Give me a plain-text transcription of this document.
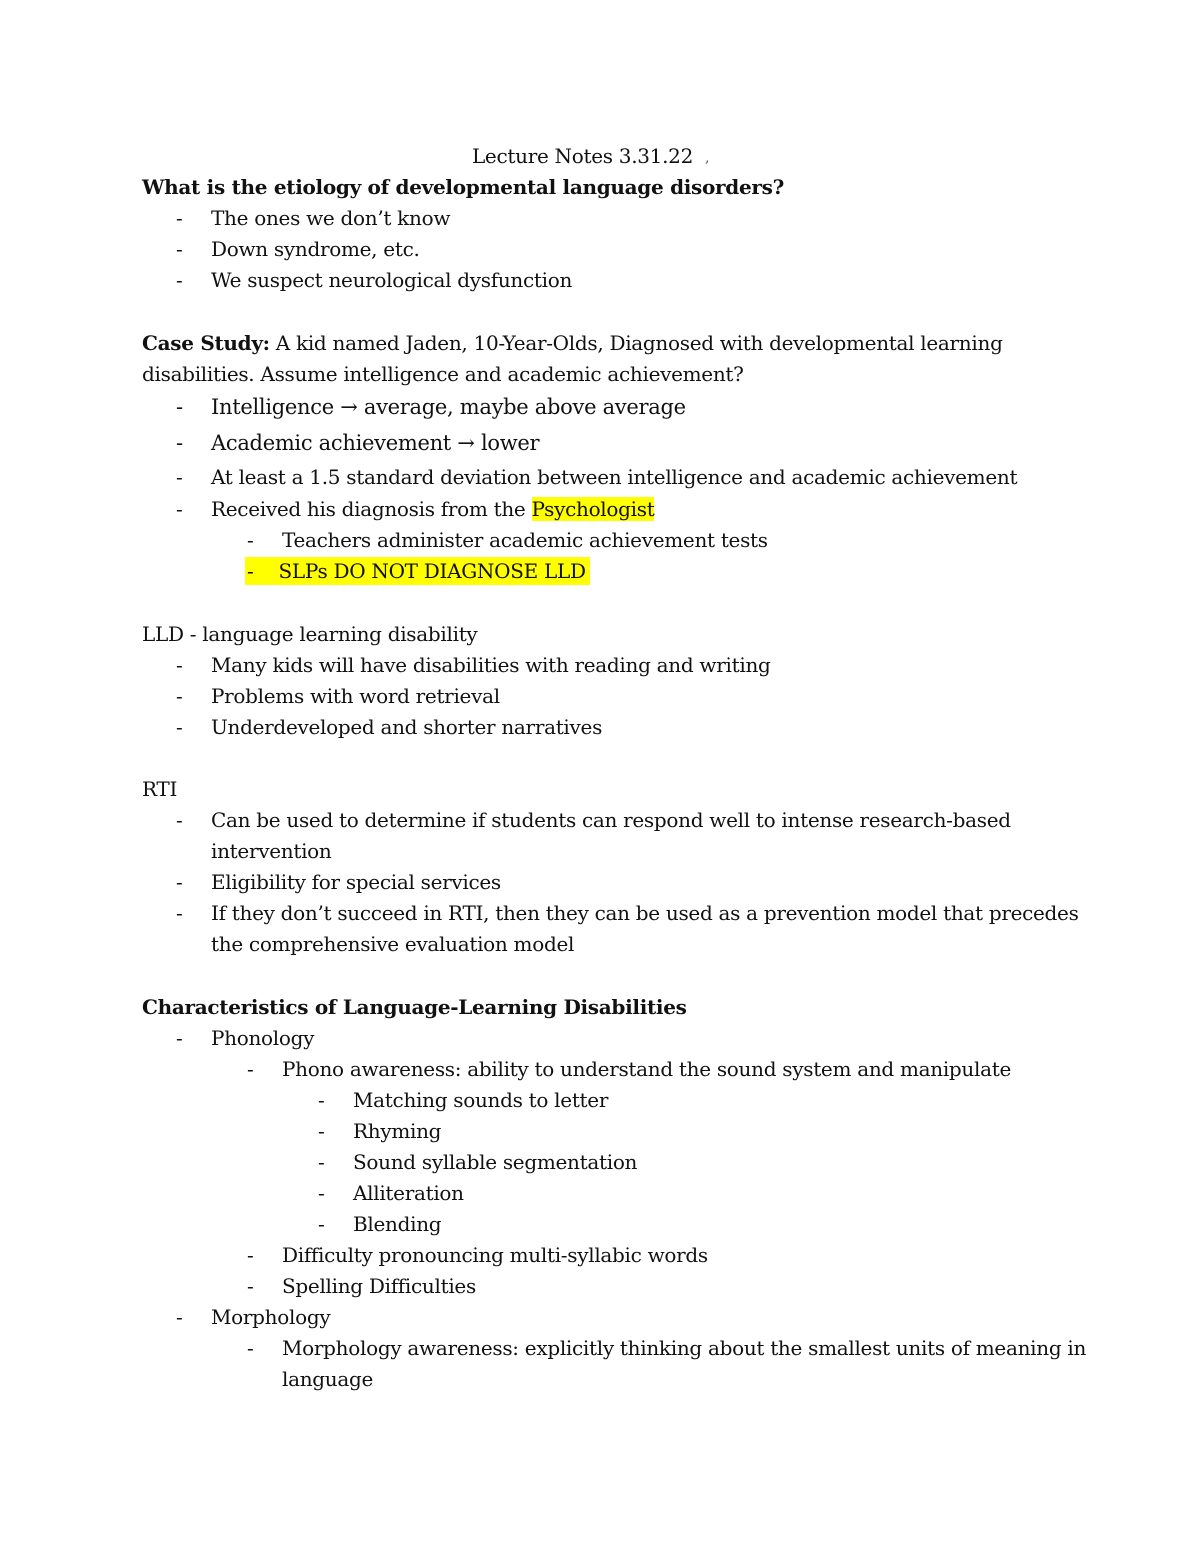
Lecture Notes 3.31.22 ,

What is the etiology of developmental language disorders?

- The ones we don’t know

- Down syndrome, etc.

- We suspect neurological dysfunction

Case Study: A kid named Jaden, 10-Year-Olds, Diagnosed with developmental learning

disabilities. Assume intelligence and academic achievement?

- Intelligence → average, maybe above average

- Academic achievement → lower

- At least a 1.5 standard deviation between intelligence and academic achievement

- Received his diagnosis from the Psychologist

- Teachers administer academic achievement tests

- SLPs DO NOT DIAGNOSE LLD

LLD - language learning disability

- Many kids will have disabilities with reading and writing

- Problems with word retrieval

- Underdeveloped and shorter narratives

RTI

- Can be used to determine if students can respond well to intense research-based

intervention

- Eligibility for special services

- If they don’t succeed in RTI, then they can be used as a prevention model that precedes

the comprehensive evaluation model

Characteristics of Language-Learning Disabilities

- Phonology

- Phono awareness: ability to understand the sound system and manipulate

- Matching sounds to letter

- Rhyming

- Sound syllable segmentation

- Alliteration

- Blending

- Difficulty pronouncing multi-syllabic words

- Spelling Difficulties

- Morphology

- Morphology awareness: explicitly thinking about the smallest units of meaning in

language
